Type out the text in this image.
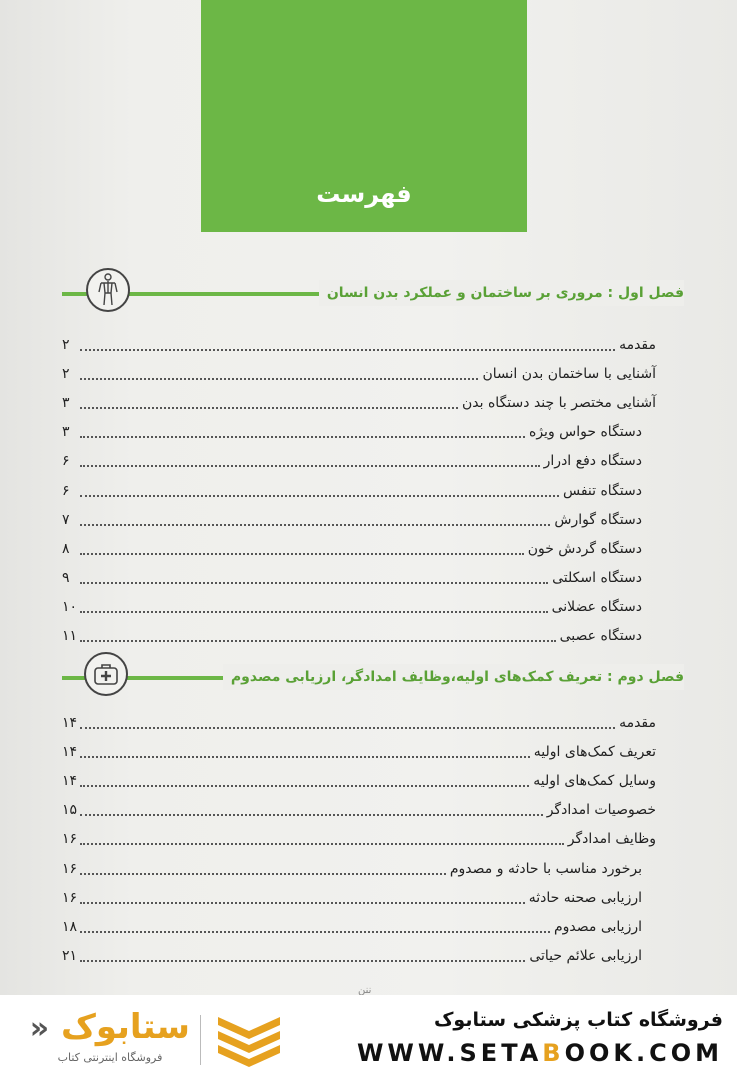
فهرست
فصل اول : مروری بر ساختمان و عملکرد بدن انسان
مقدمه
۲
آشنایی با ساختمان بدن انسان
۲
آشنایی مختصر با چند دستگاه بدن
۳
دستگاه حواس ویژه
۳
دستگاه دفع ادرار
۶
دستگاه تنفس
۶
دستگاه گوارش
۷
دستگاه گردش خون
۸
دستگاه اسکلتی
۹
دستگاه عضلانی
۱۰
دستگاه عصبی
۱۱
فصل دوم : تعریف کمک‌های اولیه،وظایف امدادگر، ارزیابی مصدوم
مقدمه
۱۴
تعریف کمک‌های اولیه
۱۴
وسایل کمک‌های اولیه
۱۴
خصوصیات امدادگر
۱۵
وظایف امدادگر
۱۶
برخورد مناسب با حادثه و مصدوم
۱۶
ارزیابی صحنه حادثه
۱۶
ارزیابی مصدوم
۱۸
ارزیابی علائم حیاتی
۲۱
ننن
ستابوک «
فروشگاه اینترنتی کتاب
فروشگاه کتاب پزشکی ستابوک
WWW.SETABOOK.COM
